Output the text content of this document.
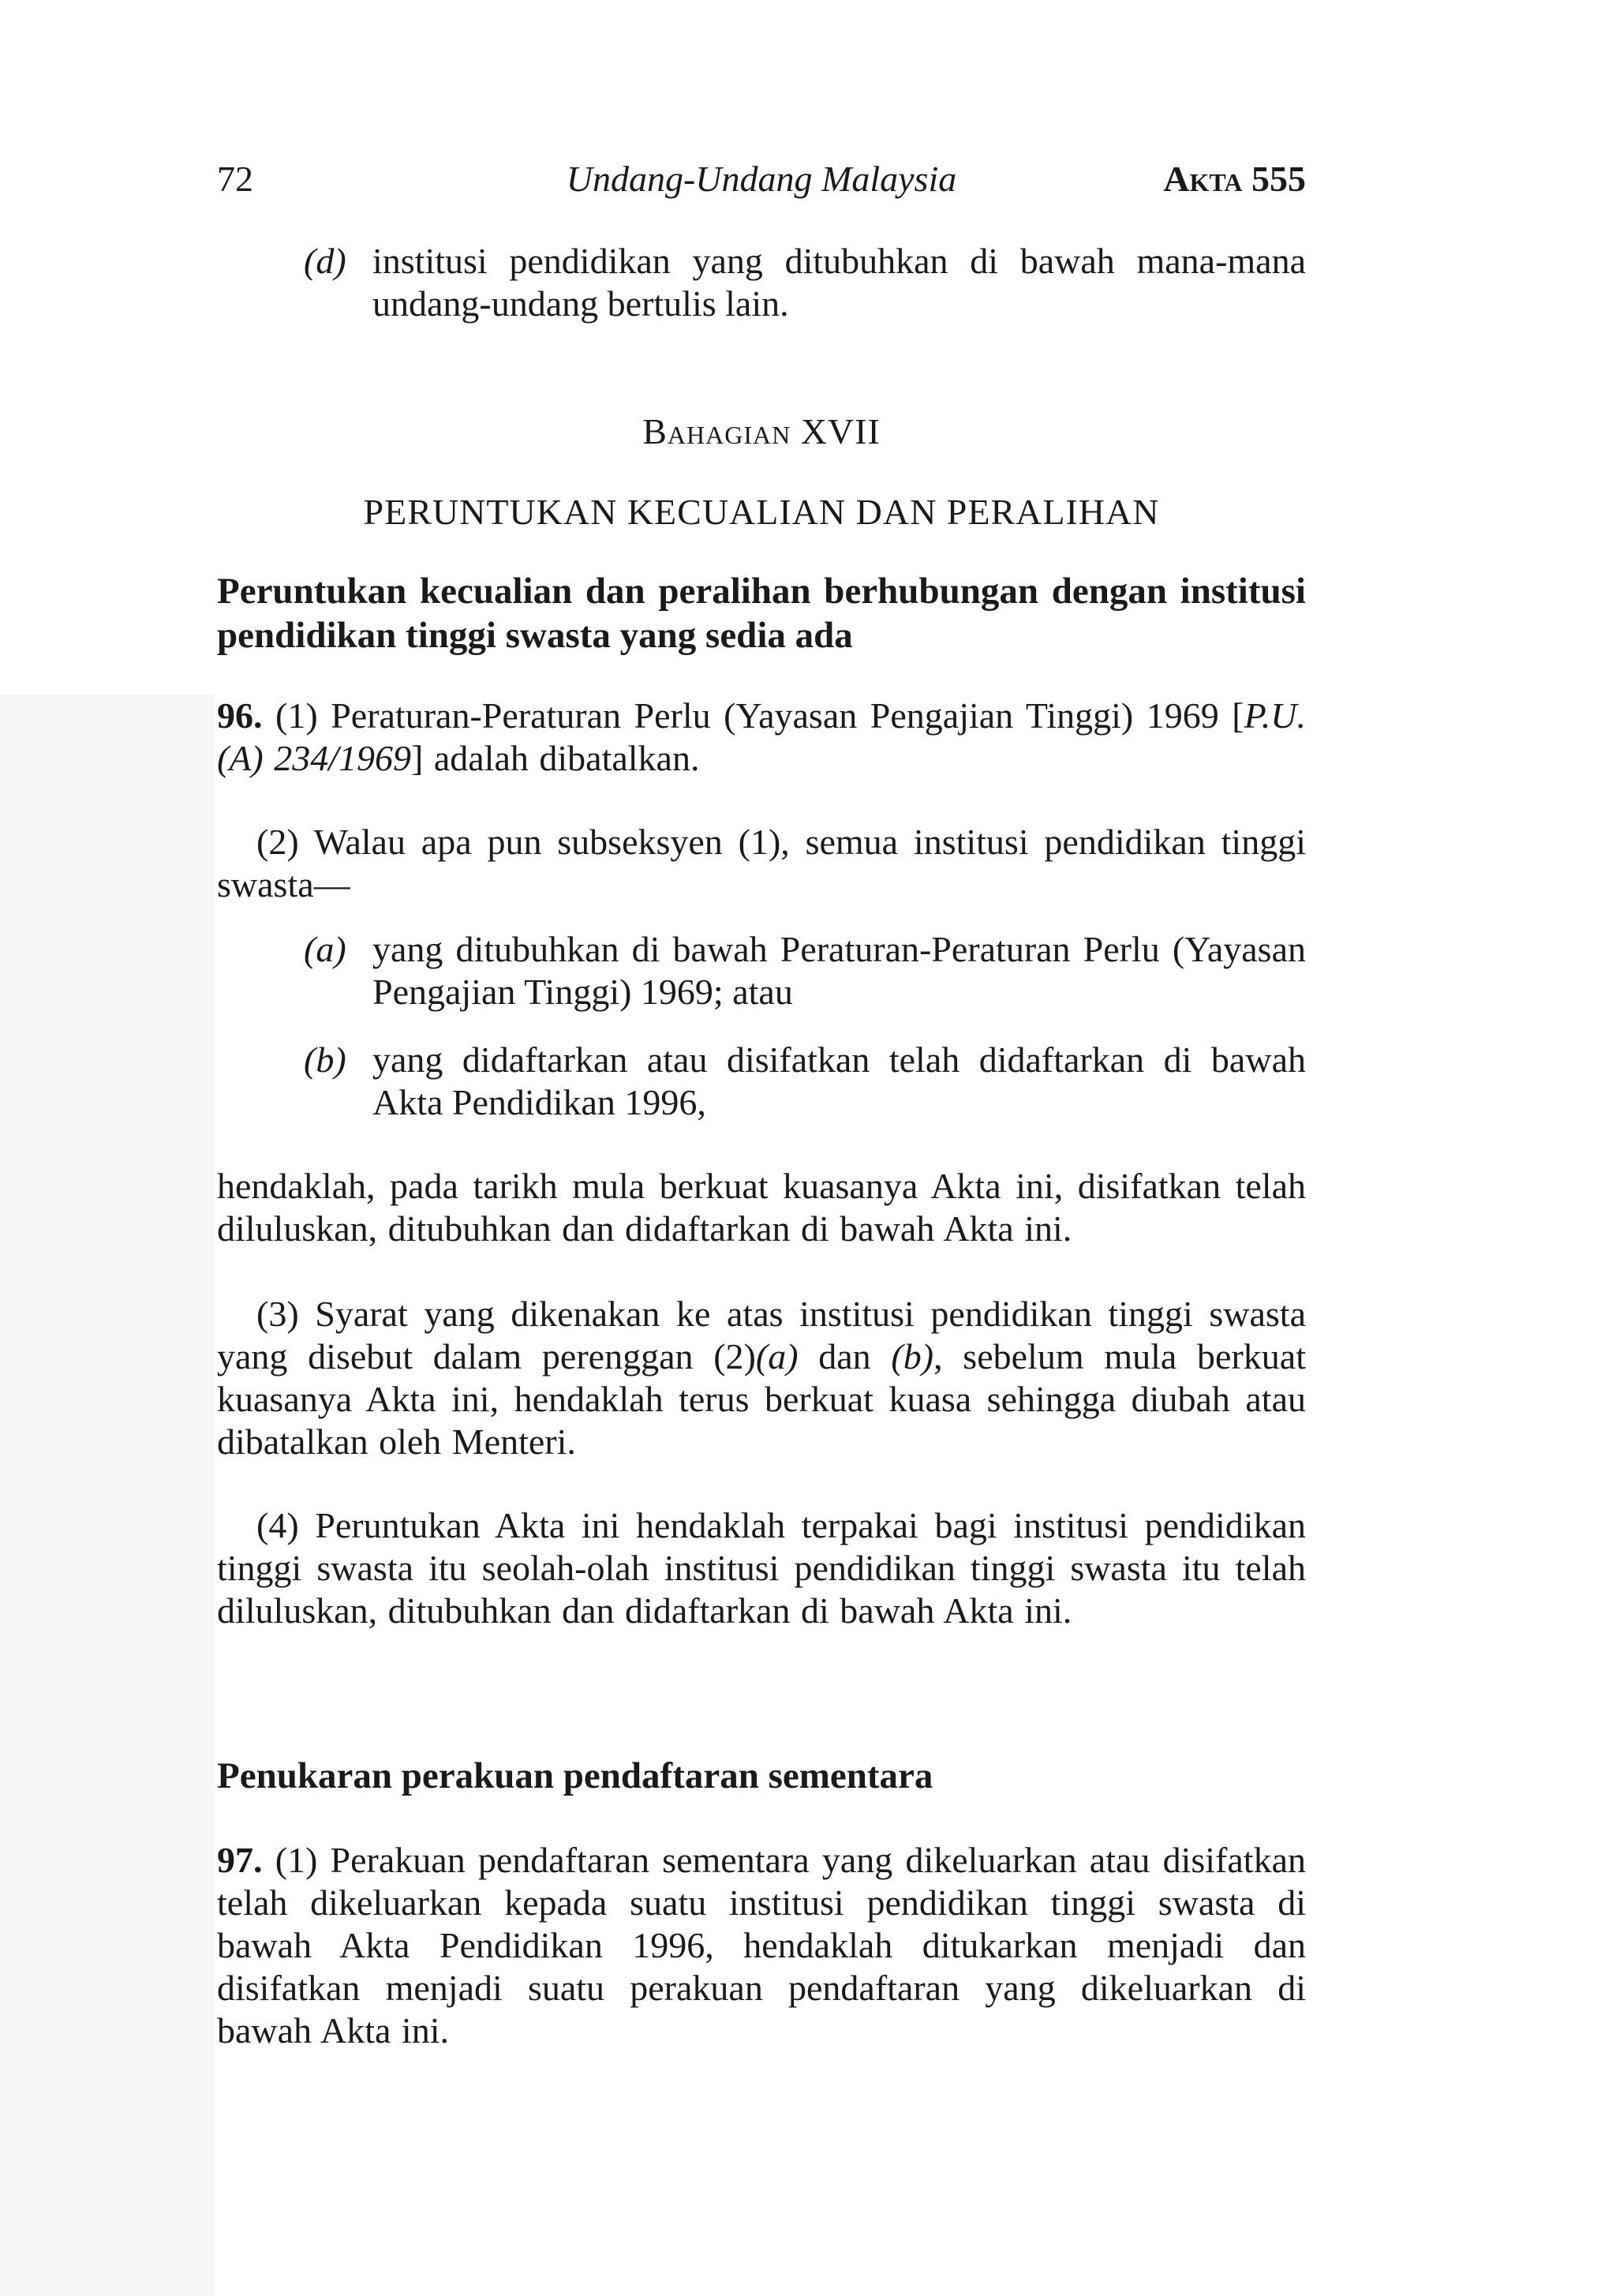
72	Undang-Undang Malaysia	Akta 555
(d) institusi pendidikan yang ditubuhkan di bawah mana-mana undang-undang bertulis lain.
Bahagian XVII
PERUNTUKAN KECUALIAN DAN PERALIHAN
Peruntukan kecualian dan peralihan berhubungan dengan institusi pendidikan tinggi swasta yang sedia ada
96. (1) Peraturan-Peraturan Perlu (Yayasan Pengajian Tinggi) 1969 [P.U. (A) 234/1969] adalah dibatalkan.
(2) Walau apa pun subseksyen (1), semua institusi pendidikan tinggi swasta—
(a) yang ditubuhkan di bawah Peraturan-Peraturan Perlu (Yayasan Pengajian Tinggi) 1969; atau
(b) yang didaftarkan atau disifatkan telah didaftarkan di bawah Akta Pendidikan 1996,
hendaklah, pada tarikh mula berkuat kuasanya Akta ini, disifatkan telah diluluskan, ditubuhkan dan didaftarkan di bawah Akta ini.
(3) Syarat yang dikenakan ke atas institusi pendidikan tinggi swasta yang disebut dalam perenggan (2)(a) dan (b), sebelum mula berkuat kuasanya Akta ini, hendaklah terus berkuat kuasa sehingga diubah atau dibatalkan oleh Menteri.
(4) Peruntukan Akta ini hendaklah terpakai bagi institusi pendidikan tinggi swasta itu seolah-olah institusi pendidikan tinggi swasta itu telah diluluskan, ditubuhkan dan didaftarkan di bawah Akta ini.
Penukaran perakuan pendaftaran sementara
97. (1) Perakuan pendaftaran sementara yang dikeluarkan atau disifatkan telah dikeluarkan kepada suatu institusi pendidikan tinggi swasta di bawah Akta Pendidikan 1996, hendaklah ditukarkan menjadi dan disifatkan menjadi suatu perakuan pendaftaran yang dikeluarkan di bawah Akta ini.
